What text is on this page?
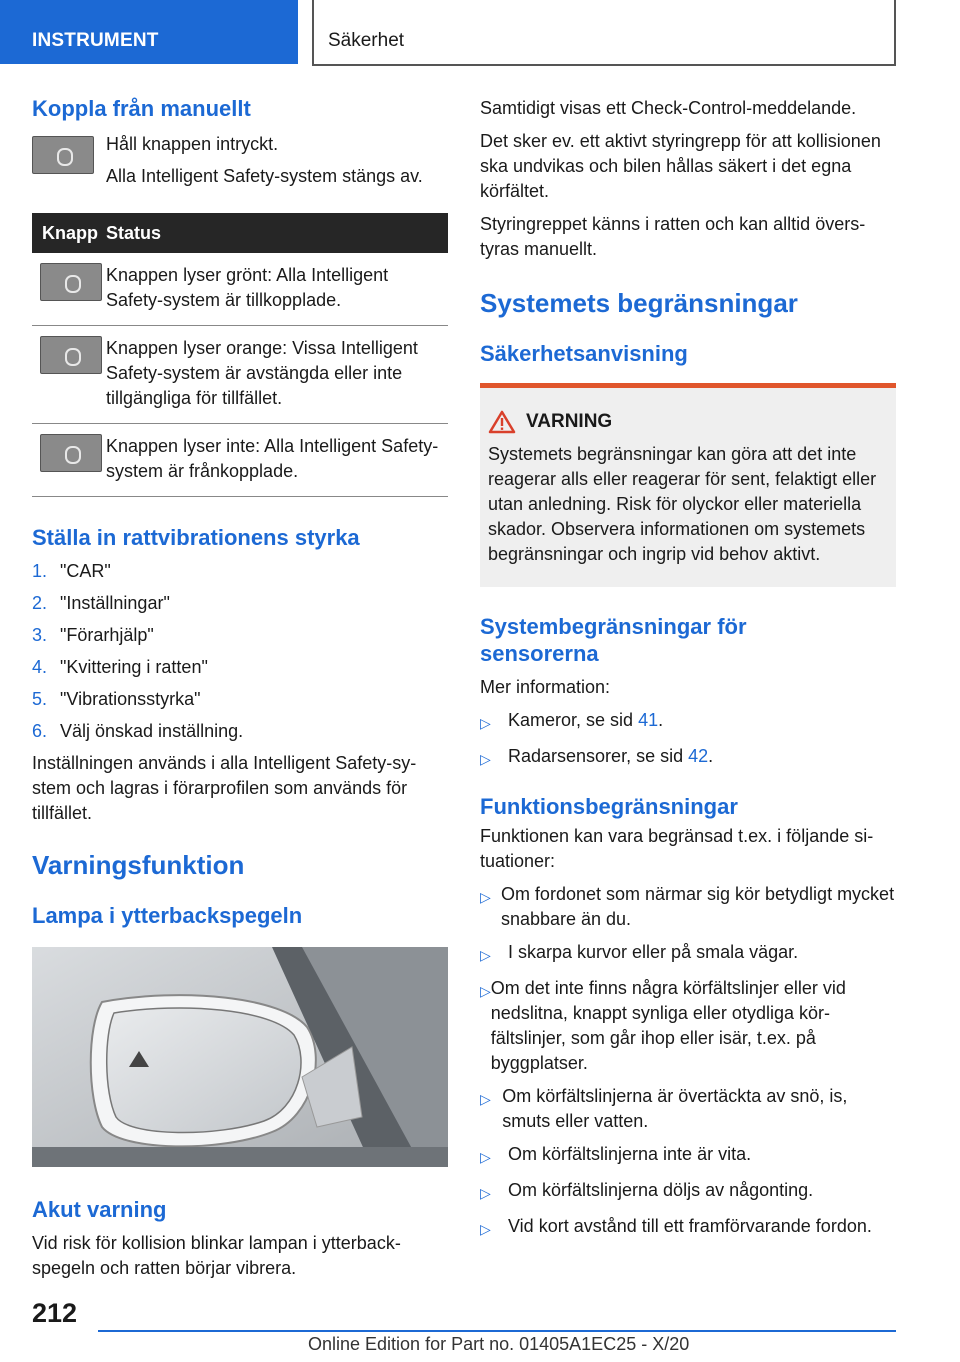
INSTRUMENT	Säkerhet
Koppla från manuellt

Håll knappen intryckt.

Alla Intelligent Safety-system stängs av.

Knapp	Status
	Knappen lyser grönt: Alla Intelligent Safety-system är tillkopplade.
	Knappen lyser orange: Vissa Intelligent Safety-system är avstängda eller inte tillgängliga för tillfället.
	Knappen lyser inte: Alla Intelligent Safety-system är frånkopplade.
Ställa in rattvibrationens styrka
1. "CAR"
2. "Inställningar"
3. "Förarhjälp"
4. "Kvittering i ratten"
5. "Vibrationsstyrka"
6. Välj önskad inställning.

Inställningen används i alla Intelligent Safety-system och lagras i förarprofilen som används för tillfället.

Varningsfunktion
Lampa i ytterbackspegeln
Akut varning

Vid risk för kollision blinkar lampan i ytterbackspegeln och ratten börjar vibrera.

Samtidigt visas ett Check-Control-meddelande.

Det sker ev. ett aktivt styringrepp för att kollisionen ska undvikas och bilen hållas säkert i det egna körfältet.

Styringreppet känns i ratten och kan alltid överstyras manuellt.

Systemets begränsningar
Säkerhetsanvisning
VARNING

Systemets begränsningar kan göra att det inte reagerar alls eller reagerar för sent, felaktigt eller utan anledning. Risk för olyckor eller materiella skador. Observera informationen om systemets begränsningar och ingrip vid behov aktivt.

Systembegränsningar för sensorerna

Mer information:

▷ Kameror, se sid 41.
▷ Radarsensorer, se sid 42.
Funktionsbegränsningar

Funktionen kan vara begränsad t.ex. i följande situationer:

▷ Om fordonet som närmar sig kör betydligt mycket snabbare än du.
▷ I skarpa kurvor eller på smala vägar.
▷ Om det inte finns några körfältslinjer eller vid nedslitna, knappt synliga eller otydliga körfältslinjer, som går ihop eller isär, t.ex. på byggplatser.
▷ Om körfältslinjerna är övertäckta av snö, is, smuts eller vatten.
▷ Om körfältslinjerna inte är vita.
▷ Om körfältslinjerna döljs av någonting.
▷ Vid kort avstånd till ett framförvarande fordon.
212
Online Edition for Part no. 01405A1EC25 - X/20
